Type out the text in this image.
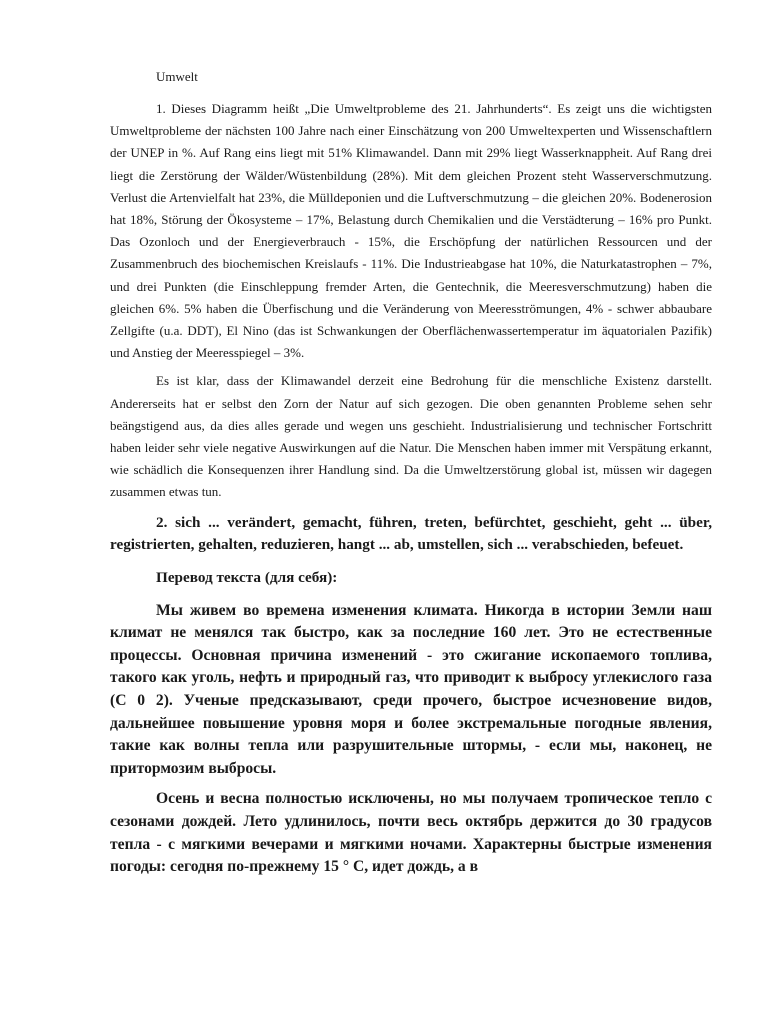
Umwelt

1. Dieses Diagramm heißt „Die Umweltprobleme des 21. Jahrhunderts“. Es zeigt uns die wichtigsten Umweltprobleme der nächsten 100 Jahre nach einer Einschätzung von 200 Umweltexperten und Wissenschaftlern der UNEP in %. Auf Rang eins liegt mit 51% Klimawandel. Dann mit 29% liegt Wasserknappheit. Auf Rang drei liegt die Zerstörung der Wälder/Wüstenbildung (28%). Mit dem gleichen Prozent steht Wasserverschmutzung. Verlust die Artenvielfalt hat 23%, die Mülldeponien und die Luftverschmutzung – die gleichen 20%. Bodenerosion hat 18%, Störung der Ökosysteme – 17%, Belastung durch Chemikalien und die Verstädterung – 16% pro Punkt. Das Ozonloch und der Energieverbrauch - 15%, die Erschöpfung der natürlichen Ressourcen und der Zusammenbruch des biochemischen Kreislaufs - 11%. Die Industrieabgase hat 10%, die Naturkatastrophen – 7%, und drei Punkten (die Einschleppung fremder Arten, die Gentechnik, die Meeresverschmutzung) haben die gleichen 6%. 5% haben die Überfischung und die Veränderung von Meeresströmungen, 4% - schwer abbaubare Zellgifte (u.a. DDT), El Nino (das ist Schwankungen der Oberflächenwassertemperatur im äquatorialen Pazifik) und Anstieg der Meeresspiegel – 3%.

Es ist klar, dass der Klimawandel derzeit eine Bedrohung für die menschliche Existenz darstellt. Andererseits hat er selbst den Zorn der Natur auf sich gezogen. Die oben genannten Probleme sehen sehr beängstigend aus, da dies alles gerade und wegen uns geschieht. Industrialisierung und technischer Fortschritt haben leider sehr viele negative Auswirkungen auf die Natur. Die Menschen haben immer mit Verspätung erkannt, wie schädlich die Konsequenzen ihrer Handlung sind. Da die Umweltzerstörung global ist, müssen wir dagegen zusammen etwas tun.

2. sich ... verändert, gemacht, führen, treten, befürchtet, geschieht, geht ... über, registrierten, gehalten, reduzieren, hangt ... ab, umstellen, sich ... verabschieden, befeuet.

Перевод текста (для себя):

Мы живем во времена изменения климата. Никогда в истории Земли наш климат не менялся так быстро, как за последние 160 лет. Это не естественные процессы. Основная причина изменений - это сжигание ископаемого топлива, такого как уголь, нефть и природный газ, что приводит к выбросу углекислого газа (С 0 2). Ученые предсказывают, среди прочего, быстрое исчезновение видов, дальнейшее повышение уровня моря и более экстремальные погодные явления, такие как волны тепла или разрушительные штормы, - если мы, наконец, не притормозим выбросы.

Осень и весна полностью исключены, но мы получаем тропическое тепло с сезонами дождей. Лето удлинилось, почти весь октябрь держится до 30 градусов тепла - с мягкими вечерами и мягкими ночами. Характерны быстрые изменения погоды: сегодня по-прежнему 15 ° С, идет дождь, а в
